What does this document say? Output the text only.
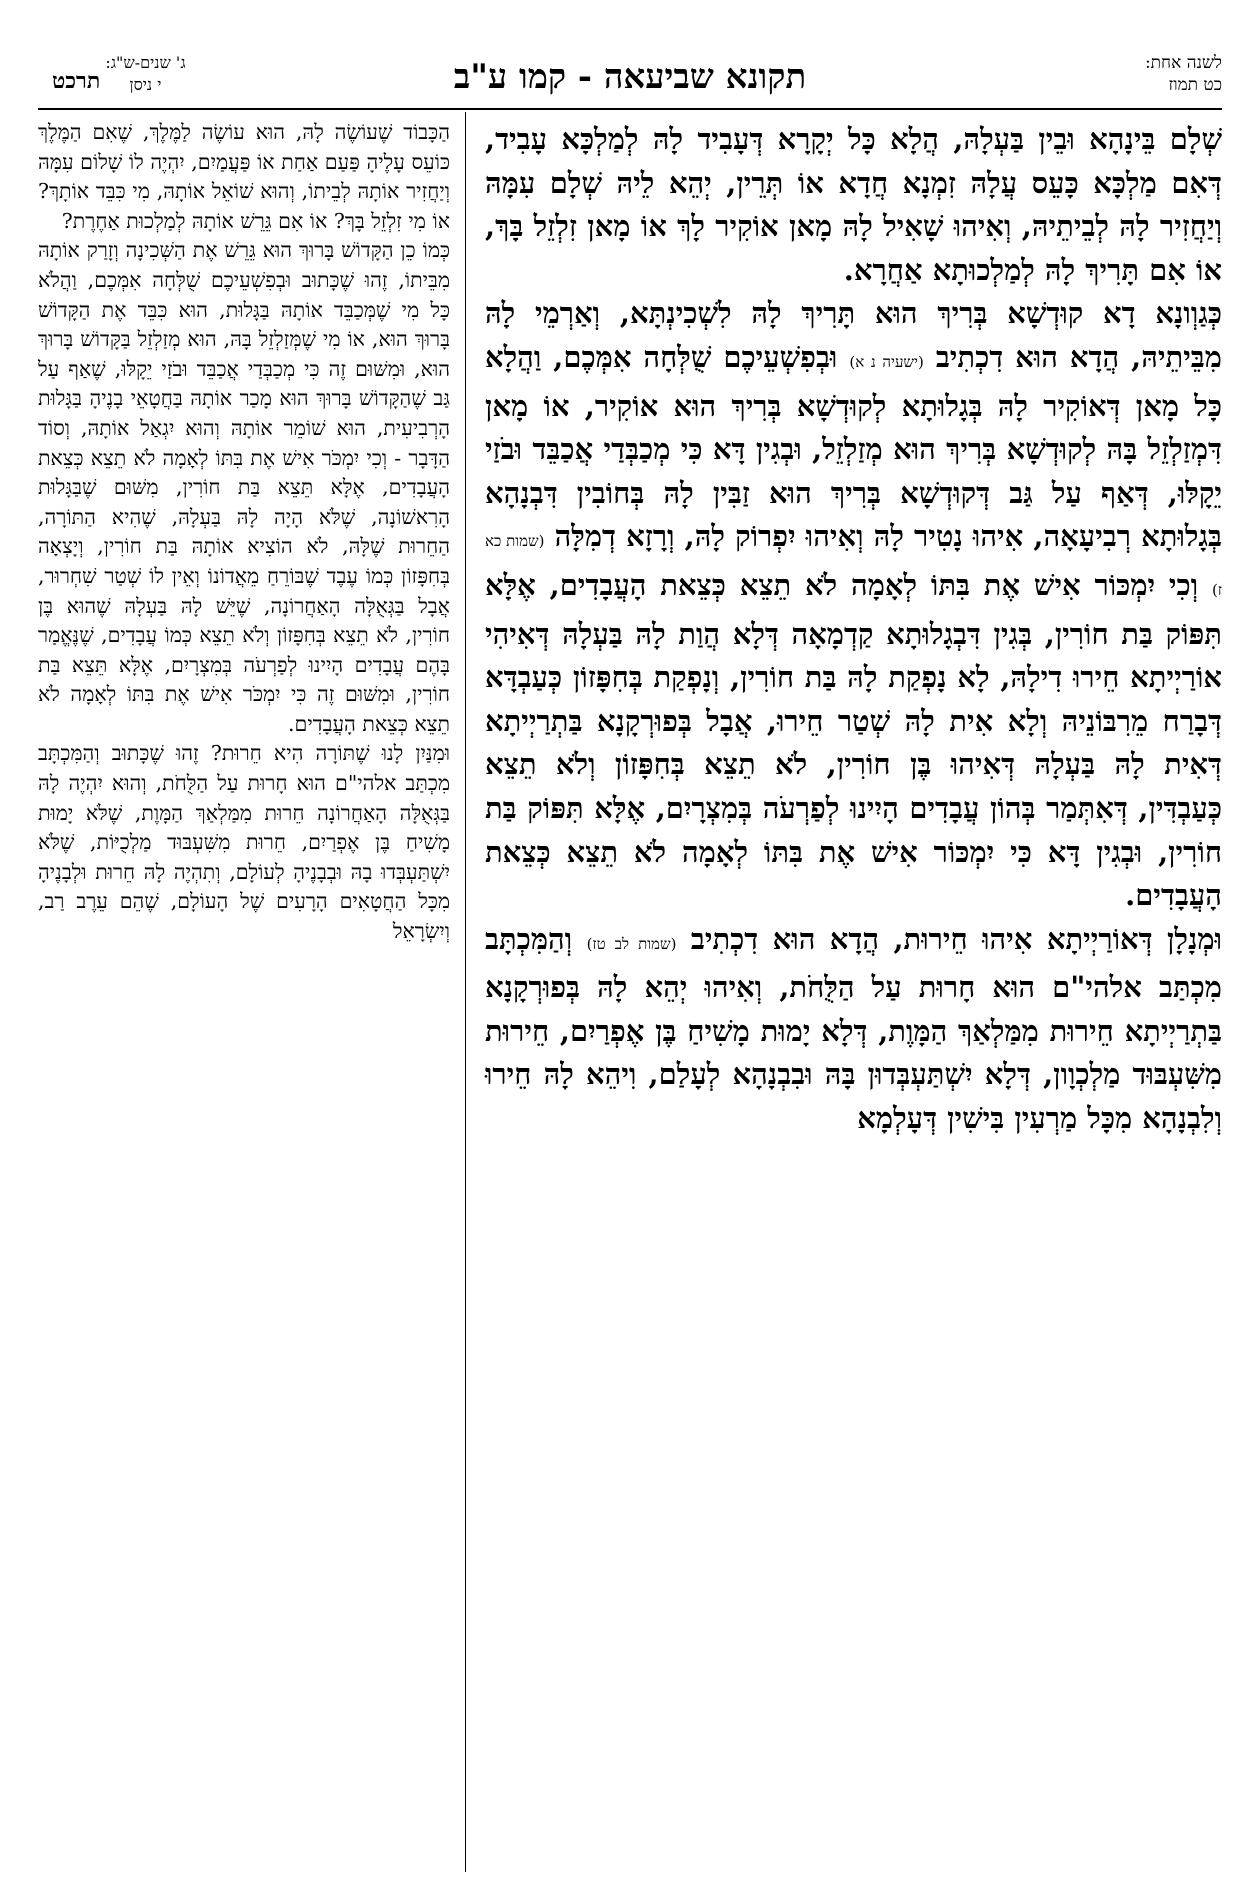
לשנה אחת:
כט תמוז
תקונא שביעאה - קמו ע"ב
ג' שנים-ש"ג:
י ניסן
תרכט

שְׁלָם בֵּינָהָא וּבֵין בַּעְלָהּ, הֲלָא כָּל יְקָרָא דְּעָבִיד לָהּ לְמַלְכָּא עָבִיד, דְּאִם מַלְכָּא כָּעֵס עֲלָהּ זִמְנָא חֲדָא אוֹ תְּרֵין, יְהֵא לֵיהּ שְׁלָם עִמָּהּ וְיַחֲזִיר לָהּ לְבֵיתֵיהּ, וְאִיהוּ שָׁאִיל לָהּ מָאן אוֹקִיר לָךְ אוֹ מָאן זִלְזֵל בָּךְ, אוֹ אִם תָּרִיךְ לָהּ לְמַלְכוּתָא אַחֲרָא.

כְּגַוְונָא דָא קוּדְשָׁא בְּרִיךְ הוּא תָּרִיךְ לָהּ לִשְׁכִינְתָּא, וְאַרְמֵי לָהּ מִבֵּיתֵיהּ, הֲדָא הוּא דִכְתִיב (ישעיה נ א) וּבְפִשְׁעֵיכֶם שֻׁלְּחָה אִמְּכֶם, וַהֲלָא כָּל מָאן דְּאוֹקִיר לָהּ בְּגָלוּתָא לְקוּדְשָׁא בְּרִיךְ הוּא אוֹקִיר, אוֹ מָאן דִּמְזַלְזֵל בָּהּ לְקוּדְשָׁא בְּרִיךְ הוּא מְזַלְזֵל, וּבְגִין דָּא כִּי מְכַבְּדַי אֲכַבֵּד וּבֹזַי יֵקָלּוּ, דְּאַף עַל גַּב דְּקוּדְשָׁא בְּרִיךְ הוּא זַבִּין לָהּ בְּחוֹבִין דִּבְנָהָא בְּגָלוּתָא רְבִיעָאָה, אִיהוּ נָטִיר לָהּ וְאִיהוּ יִפְרוֹק לָהּ, וְרָזָא דְמִלָּה (שמות כא ז) וְכִי יִמְכּוֹר אִישׁ אֶת בִּתּוֹ לְאָמָה לֹא תֵצֵא כְּצֵאת הָעֲבָדִים, אֶלָּא תִּפּוֹק בַּת חוֹרִין, בְּגִין דִּבְגָלוּתָא קַדְמָאָה דְּלָא הֲוַת לָהּ בַּעְלָהּ דְּאִיהִי אוֹרַיְיתָא חֵירוּ דִילָהּ, לָא נָפְקַת לָהּ בַּת חוֹרִין, וְנָפְקַת בְּחִפָּזוֹן כְּעַבְדָּא דְּבָרַח מֵרִבּוֹנֵיהּ וְלָא אִית לָהּ שְׁטַר חֵירוּ, אֲבָל בְּפוּרְקָנָא בַּתְרַיְיתָא דְּאִית לָהּ בַּעְלָהּ דְּאִיהוּ בֶּן חוֹרִין, לֹא תֵצֵא בְּחִפָּזוֹן וְלֹא תֵצֵא כְּעַבְדִּין, דְּאִתְּמַר בְּהוֹן עֲבָדִים הָיִינוּ לְפַרְעֹה בְּמִצְרָיִם, אֶלָּא תִּפּוֹק בַּת חוֹרִין, וּבְגִין דָּא כִּי יִמְכּוֹר אִישׁ אֶת בִּתּוֹ לְאָמָה לֹא תֵצֵא כְּצֵאת הָעֲבָדִים.

וּמְנָלָן דְּאוֹרַיְיתָא אִיהוּ חֵירוּת, הֲדָא הוּא דִכְתִיב (שמות לב טז) וְהַמִּכְתָּב מִכְתַּב אלהי"ם הוּא חָרוּת עַל הַלֻּחֹת, וְאִיהוּ יְהֵא לָהּ בְּפוּרְקָנָא בַּתְרַיְיתָא חֵירוּת מִמַּלְאַךְ הַמָּוֶת, דְּלָא יָמוּת מָשִׁיחַ בֶּן אֶפְרַיִם, חֵירוּת מִשִּׁעְבּוּד מַלְכְוָון, דְּלָא יִשְׁתַּעְבְּדוּן בָּהּ וּבִבְנָהָא לְעָלַם, וִיהֵא לָהּ חֵירוּ וְלִבְנָהָא מִכָּל מַרְעִין בִּישִׁין דְּעָלְמָא

הַכָּבוֹד שֶׁעוֹשֶׂה לָהּ, הוּא עוֹשֶׂה לַמֶּלֶךְ, שֶׁאִם הַמֶּלֶךְ כּוֹעֵס עָלֶיהָ פַּעַם אַחַת אוֹ פַּעֲמַיִם, יִהְיֶה לוֹ שָׁלוֹם עִמָּהּ וְיַחֲזִיר אוֹתָהּ לְבֵיתוֹ, וְהוּא שׁוֹאֵל אוֹתָהּ, מִי כִּבֵּד אוֹתָךְ? אוֹ מִי זִלְזֵל בָּךְ? אוֹ אִם גֵּרֵשׁ אוֹתָהּ לְמַלְכוּת אַחֶרֶת?

כְּמוֹ כֵן הַקָּדוֹשׁ בָּרוּךְ הוּא גֵּרֵשׁ אֶת הַשְּׁכִינָה וְזָרַק אוֹתָהּ מִבֵּיתוֹ, זֶהוּ שֶׁכָּתוּב וּבְפִשְׁעֵיכֶם שֻׁלְּחָה אִמְּכֶם, וַהֲלֹא כָּל מִי שֶׁמְּכַבֵּד אוֹתָהּ בַּגָּלוּת, הוּא כִּבֵּד אֶת הַקָּדוֹשׁ בָּרוּךְ הוּא, אוֹ מִי שֶׁמְּזַלְזֵל בָּהּ, הוּא מְזַלְזֵל בַּקָּדוֹשׁ בָּרוּךְ הוּא, וּמִשּׁוּם זֶה כִּי מְכַבְּדַי אֲכַבֵּד וּבֹזַי יֵקָלּוּ, שֶׁאַף עַל גַּב שֶׁהַקָּדוֹשׁ בָּרוּךְ הוּא מָכַר אוֹתָהּ בַּחֲטָאֵי בָנֶיהָ בַּגָּלוּת הָרְבִיעִית, הוּא שׁוֹמֵר אוֹתָהּ וְהוּא יִגְאַל אוֹתָהּ, וְסוֹד הַדָּבָר - וְכִי יִמְכֹּר אִישׁ אֶת בִּתּוֹ לְאָמָה לֹא תֵצֵא כְּצֵאת הָעֲבָדִים, אֶלָּא תֵּצֵא בַּת חוֹרִין, מִשּׁוּם שֶׁבַּגָּלוּת הָרִאשׁוֹנָה, שֶׁלֹּא הָיָה לָהּ בַּעְלָהּ, שֶׁהִיא הַתּוֹרָה, הַחֵרוּת שֶׁלָּהּ, לֹא הוֹצִיא אוֹתָהּ בַּת חוֹרִין, וְיָצְאָה בְּחִפָּזוֹן כְּמוֹ עֶבֶד שֶׁבּוֹרֵחַ מֵאֲדוֹנוֹ וְאֵין לוֹ שְׁטַר שִׁחְרוּר, אֲבָל בַּגְּאֻלָּה הָאַחֲרוֹנָה, שֶׁיֵּשׁ לָהּ בַּעְלָהּ שֶׁהוּא בֶּן חוֹרִין, לֹא תֵצֵא בְּחִפָּזוֹן וְלֹא תֵצֵא כְּמוֹ עֲבָדִים, שֶׁנֶּאֱמַר בָּהֶם עֲבָדִים הָיִינוּ לְפַרְעֹה בְּמִצְרָיִם, אֶלָּא תֵּצֵא בַּת חוֹרִין, וּמִשּׁוּם זֶה כִּי יִמְכֹּר אִישׁ אֶת בִּתּוֹ לְאָמָה לֹא תֵצֵא כְּצֵאת הָעֲבָדִים.

וּמִנַּיִן לָנוּ שֶׁתּוֹרָה הִיא חֵרוּת? זֶהוּ שֶׁכָּתוּב וְהַמִּכְתָּב מִכְתַּב אלהי"ם הוּא חָרוּת עַל הַלֻּחֹת, וְהוּא יִהְיֶה לָהּ בַּגְּאֻלָּה הָאַחֲרוֹנָה חֵרוּת מִמַּלְאַךְ הַמָּוֶת, שֶׁלֹּא יָמוּת מָשִׁיחַ בֶּן אֶפְרַיִם, חֵרוּת מִשִּׁעְבּוּד מַלְכֻיּוֹת, שֶׁלֹּא יִשְׁתַּעְבְּדוּ בָהּ וּבְבָנֶיהָ לְעוֹלָם, וְתִהְיֶה לָהּ חֵרוּת וּלְבָנֶיהָ מִכָּל הַחֲטָאִים הָרָעִים שֶׁל הָעוֹלָם, שֶׁהֵם עֵרֶב רַב, וְיִשְׂרָאֵל
